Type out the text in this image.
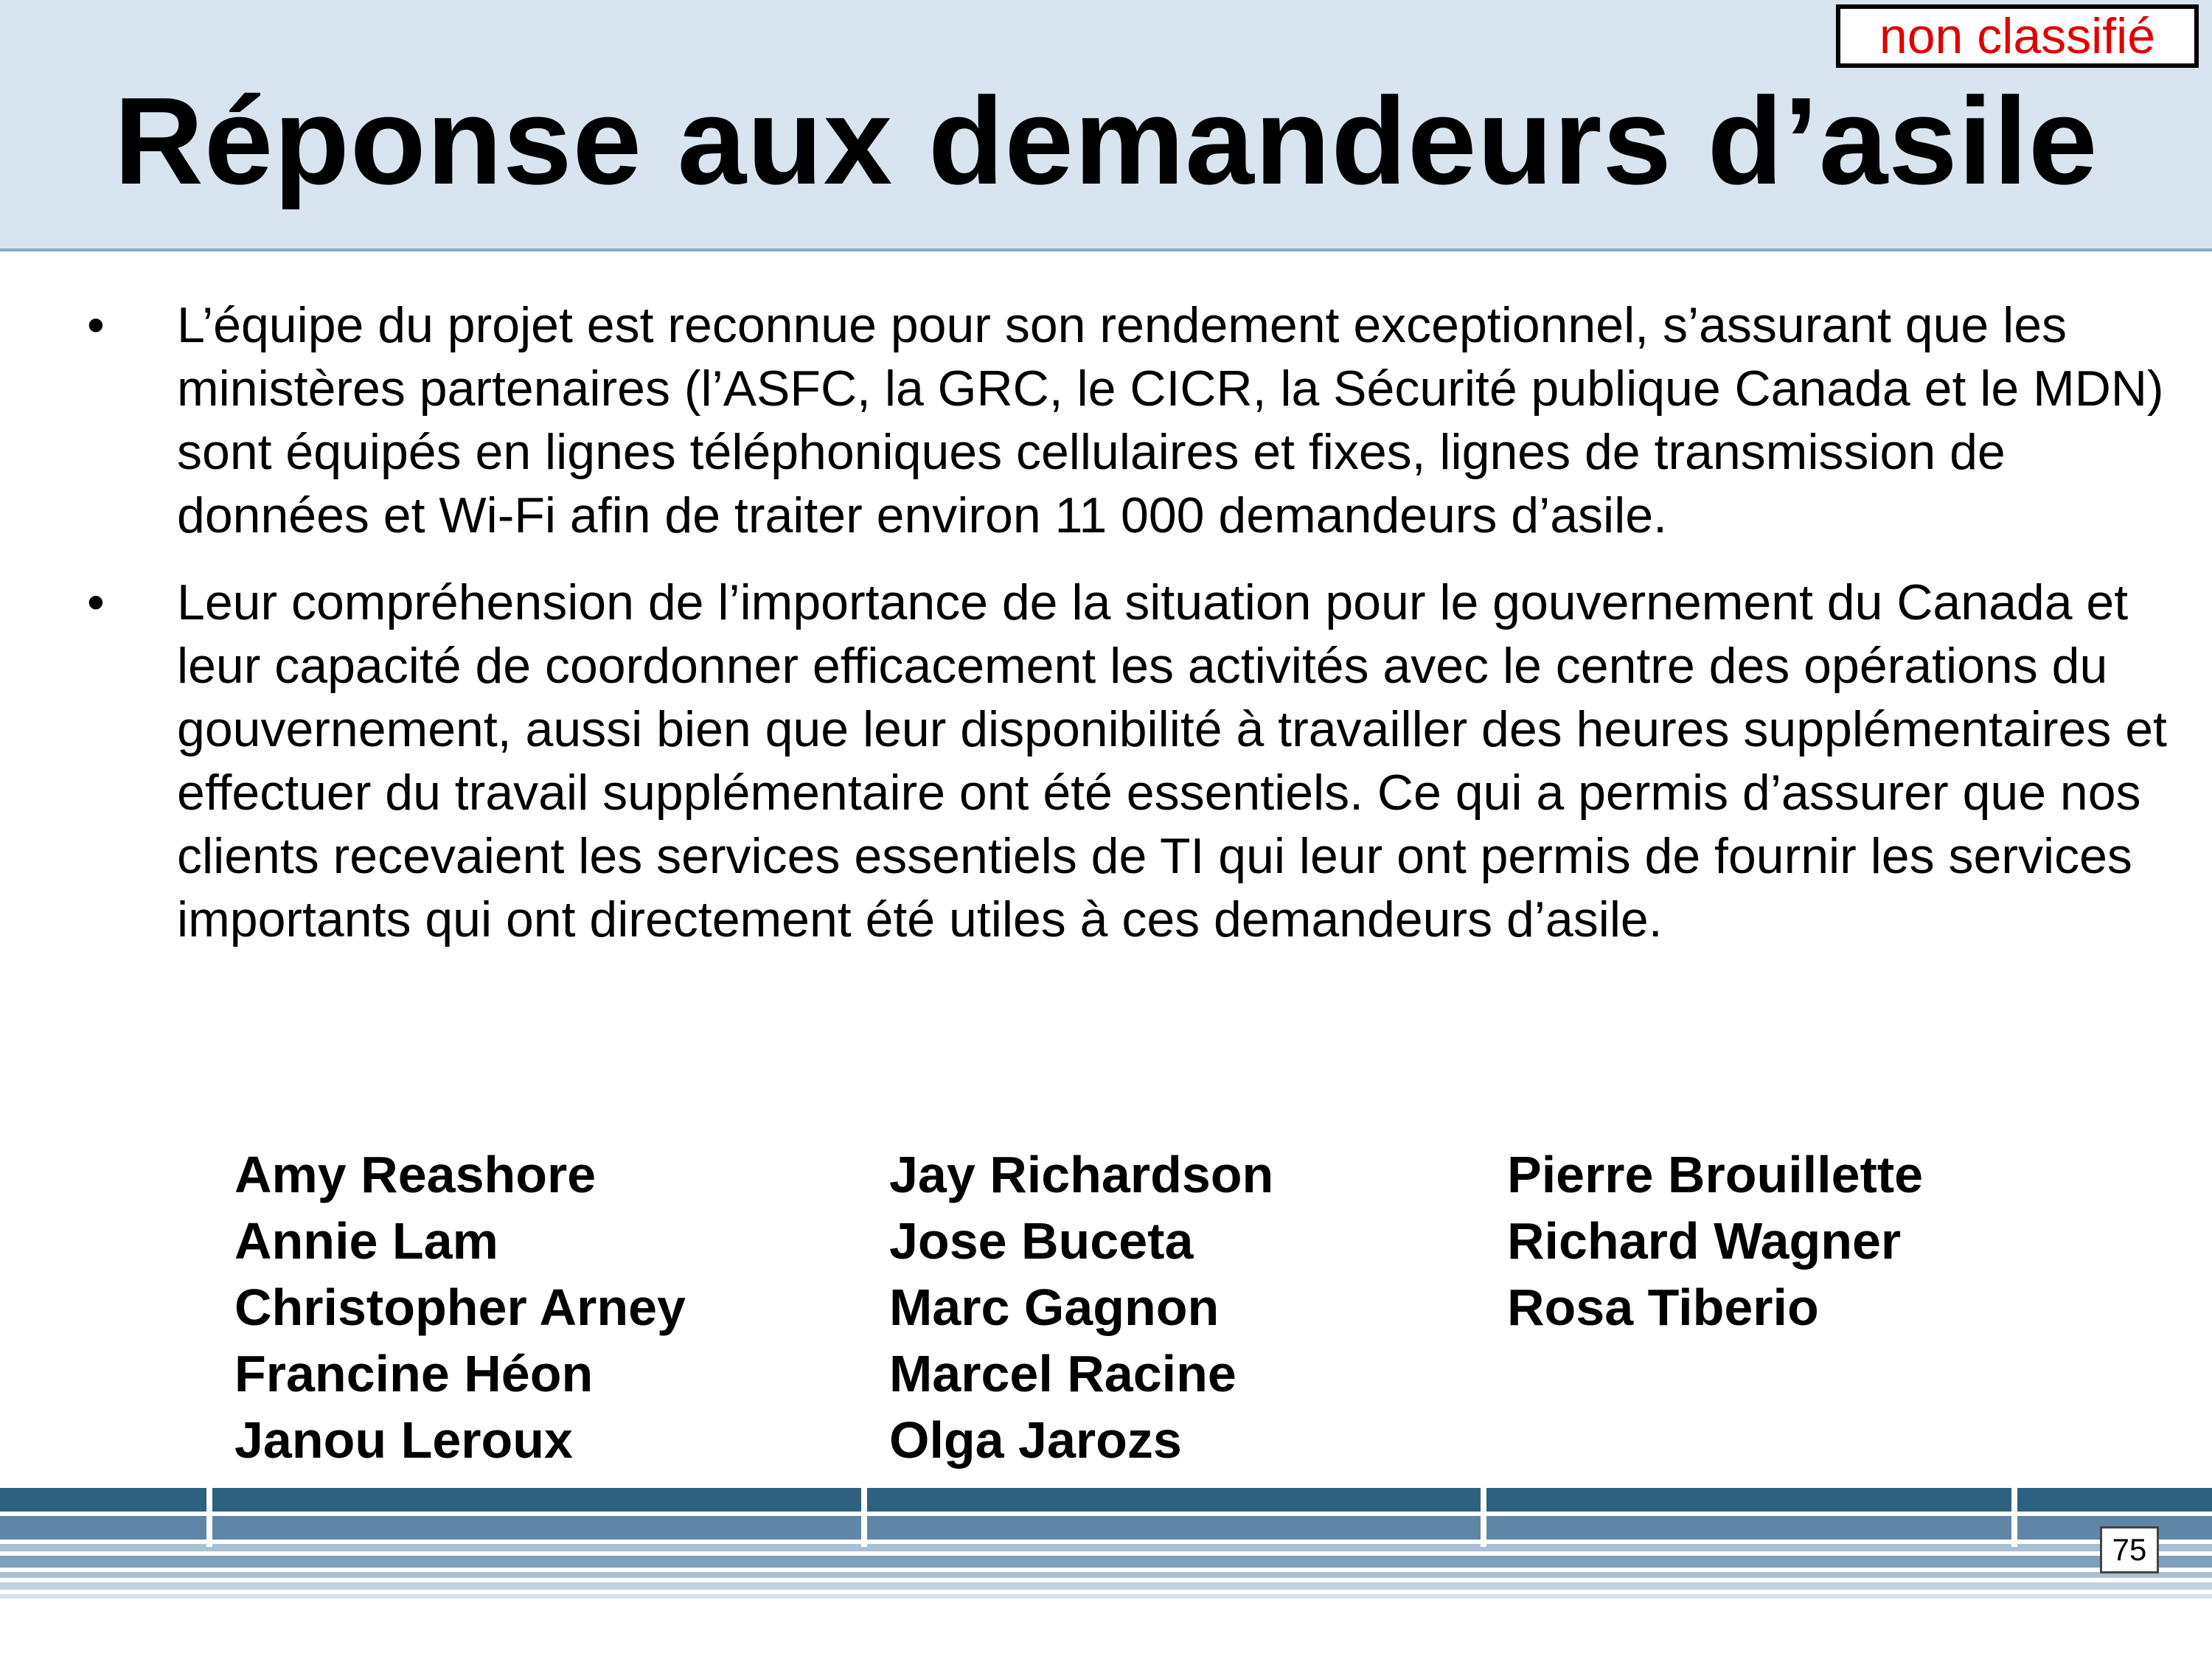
non classifié
Réponse aux demandeurs d’asile
• L’équipe du projet est reconnue pour son rendement exceptionnel, s’assurant que les ministères partenaires (l’ASFC, la GRC, le CICR, la Sécurité publique Canada et le MDN) sont équipés en lignes téléphoniques cellulaires et fixes, lignes de transmission de données et Wi-Fi afin de traiter environ 11 000 demandeurs d’asile.
• Leur compréhension de l’importance de la situation pour le gouvernement du Canada et leur capacité de coordonner efficacement les activités avec le centre des opérations du gouvernement, aussi bien que leur disponibilité à travailler des heures supplémentaires et effectuer du travail supplémentaire ont été essentiels. Ce qui a permis d’assurer que nos clients recevaient les services essentiels de TI qui leur ont permis de fournir les services importants qui ont directement été utiles à ces demandeurs d’asile.
Amy Reashore
Annie Lam
Christopher Arney
Francine Héon
Janou Leroux
Jay Richardson
Jose Buceta
Marc Gagnon
Marcel Racine
Olga Jarozs
Pierre Brouillette
Richard Wagner
Rosa Tiberio
75
